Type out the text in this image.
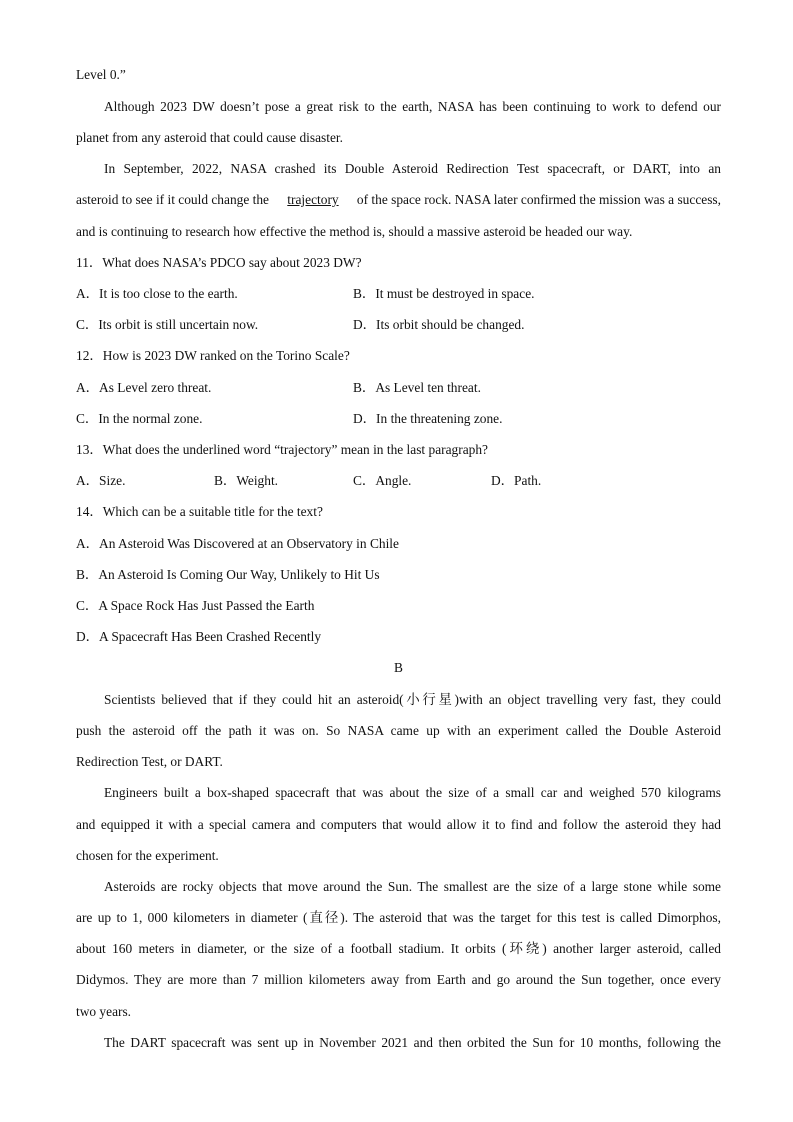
Level 0.”
Although 2023 DW doesn’t pose a great risk to the earth, NASA has been continuing to work to defend our
planet from any asteroid that could cause disaster.
In September, 2022, NASA crashed its Double Asteroid Redirection Test spacecraft, or DART, into an
asteroid to see if it could change the trajectory of the space rock. NASA later confirmed the mission was a success,
and is continuing to research how effective the method is, should a massive asteroid be headed our way.
11．What does NASA’s PDCO say about 2023 DW?
A．It is too close to the earth.	B．It must be destroyed in space.
C．Its orbit is still uncertain now.	D．Its orbit should be changed.
12．How is 2023 DW ranked on the Torino Scale?
A．As Level zero threat.	B．As Level ten threat.
C．In the normal zone.	D．In the threatening zone.
13．What does the underlined word “trajectory” mean in the last paragraph?
A．Size.	B．Weight.	C．Angle.	D．Path.
14．Which can be a suitable title for the text?
A．An Asteroid Was Discovered at an Observatory in Chile
B．An Asteroid Is Coming Our Way, Unlikely to Hit Us
C．A Space Rock Has Just Passed the Earth
D．A Spacecraft Has Been Crashed Recently
B
Scientists believed that if they could hit an asteroid(小行星)with an object travelling very fast, they could
push the asteroid off the path it was on. So NASA came up with an experiment called the Double Asteroid
Redirection Test, or DART.
Engineers built a box-shaped spacecraft that was about the size of a small car and weighed 570 kilograms
and equipped it with a special camera and computers that would allow it to find and follow the asteroid they had
chosen for the experiment.
Asteroids are rocky objects that move around the Sun. The smallest are the size of a large stone while some
are up to 1, 000 kilometers in diameter (直径). The asteroid that was the target for this test is called Dimorphos,
about 160 meters in diameter, or the size of a football stadium. It orbits (环绕) another larger asteroid, called
Didymos. They are more than 7 million kilometers away from Earth and go around the Sun together, once every
two years.
The DART spacecraft was sent up in November 2021 and then orbited the Sun for 10 months, following the
